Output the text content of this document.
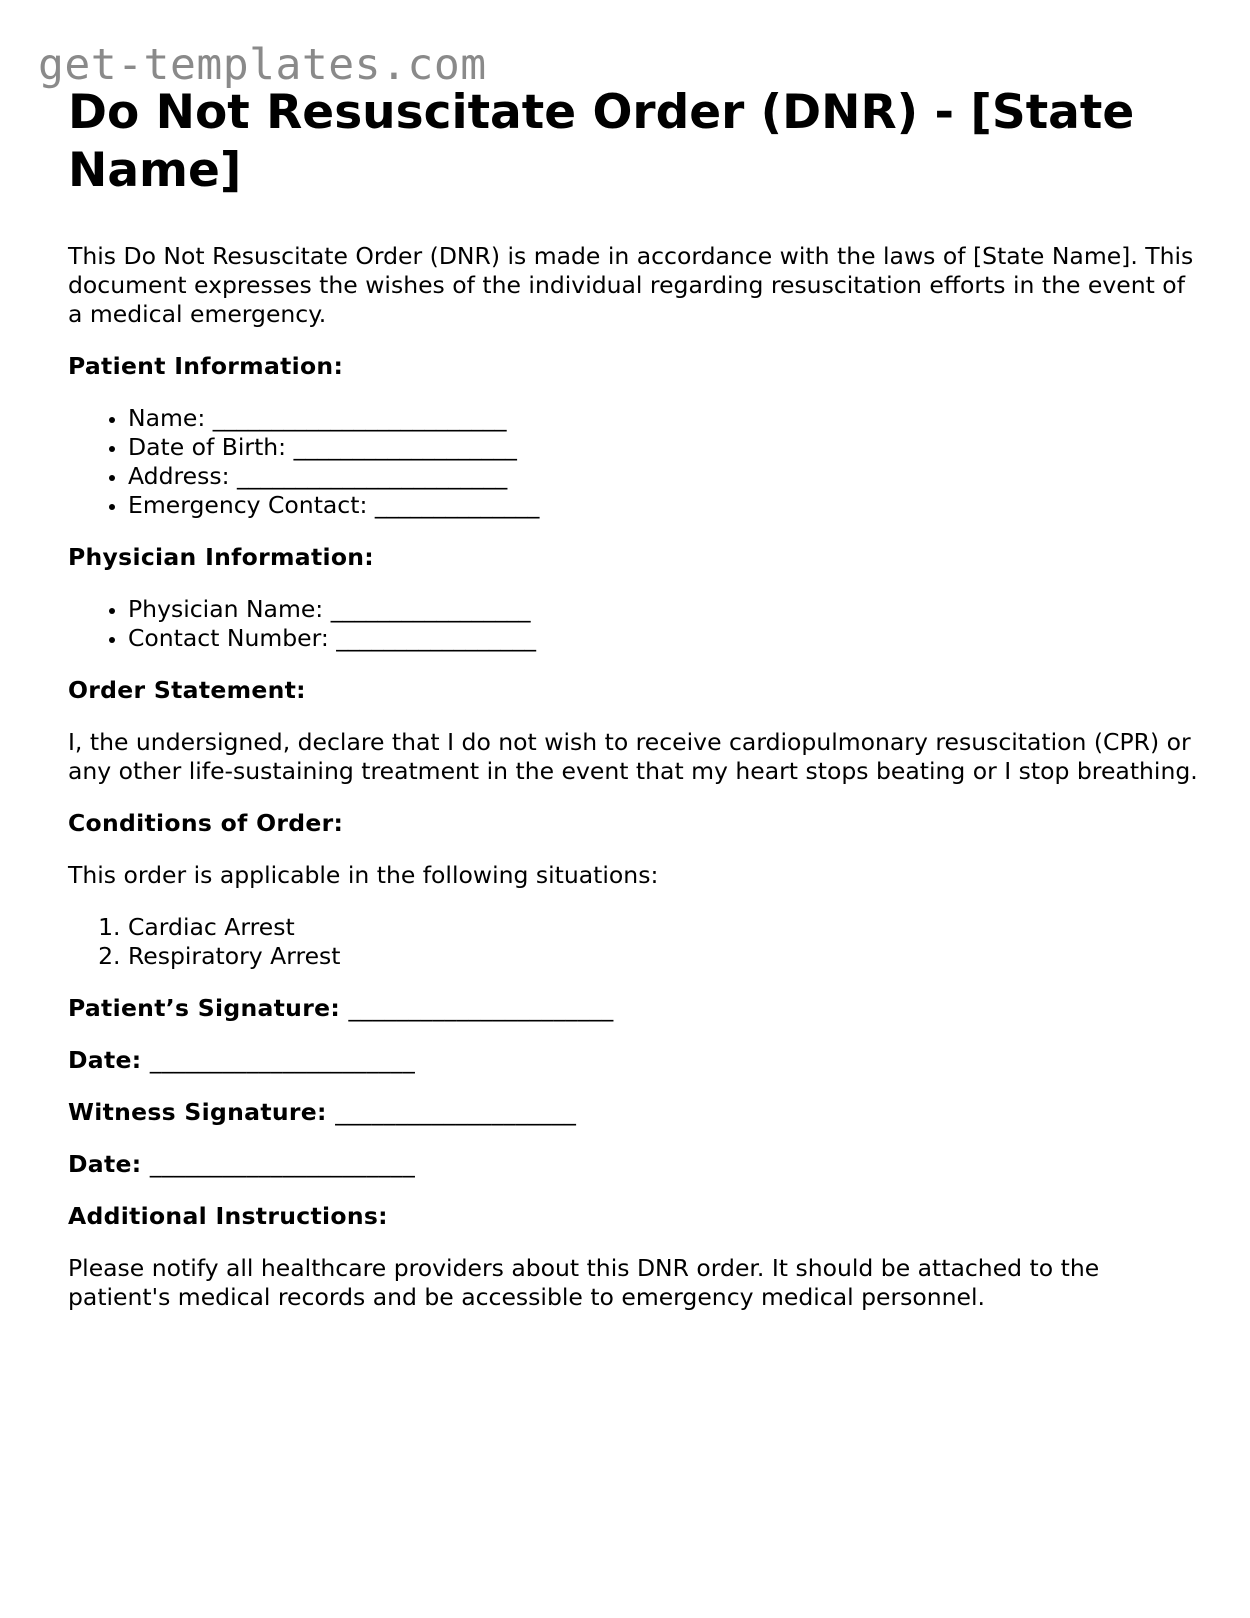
get-templates.com
Do Not Resuscitate Order (DNR) - [State Name]

This Do Not Resuscitate Order (DNR) is made in accordance with the laws of [State Name]. This document expresses the wishes of the individual regarding resuscitation efforts in the event of a medical emergency.

Patient Information:

• Name: _________________________
• Date of Birth: ___________________
• Address: _______________________
• Emergency Contact: ______________

Physician Information:

• Physician Name: _________________
• Contact Number: _________________

Order Statement:

I, the undersigned, declare that I do not wish to receive cardiopulmonary resuscitation (CPR) or any other life-sustaining treatment in the event that my heart stops beating or I stop breathing.

Conditions of Order:

This order is applicable in the following situations:

1. Cardiac Arrest
2. Respiratory Arrest

Patient’s Signature: ______________________

Date: ______________________

Witness Signature: ____________________

Date: ______________________

Additional Instructions:

Please notify all healthcare providers about this DNR order. It should be attached to the patient's medical records and be accessible to emergency medical personnel.
